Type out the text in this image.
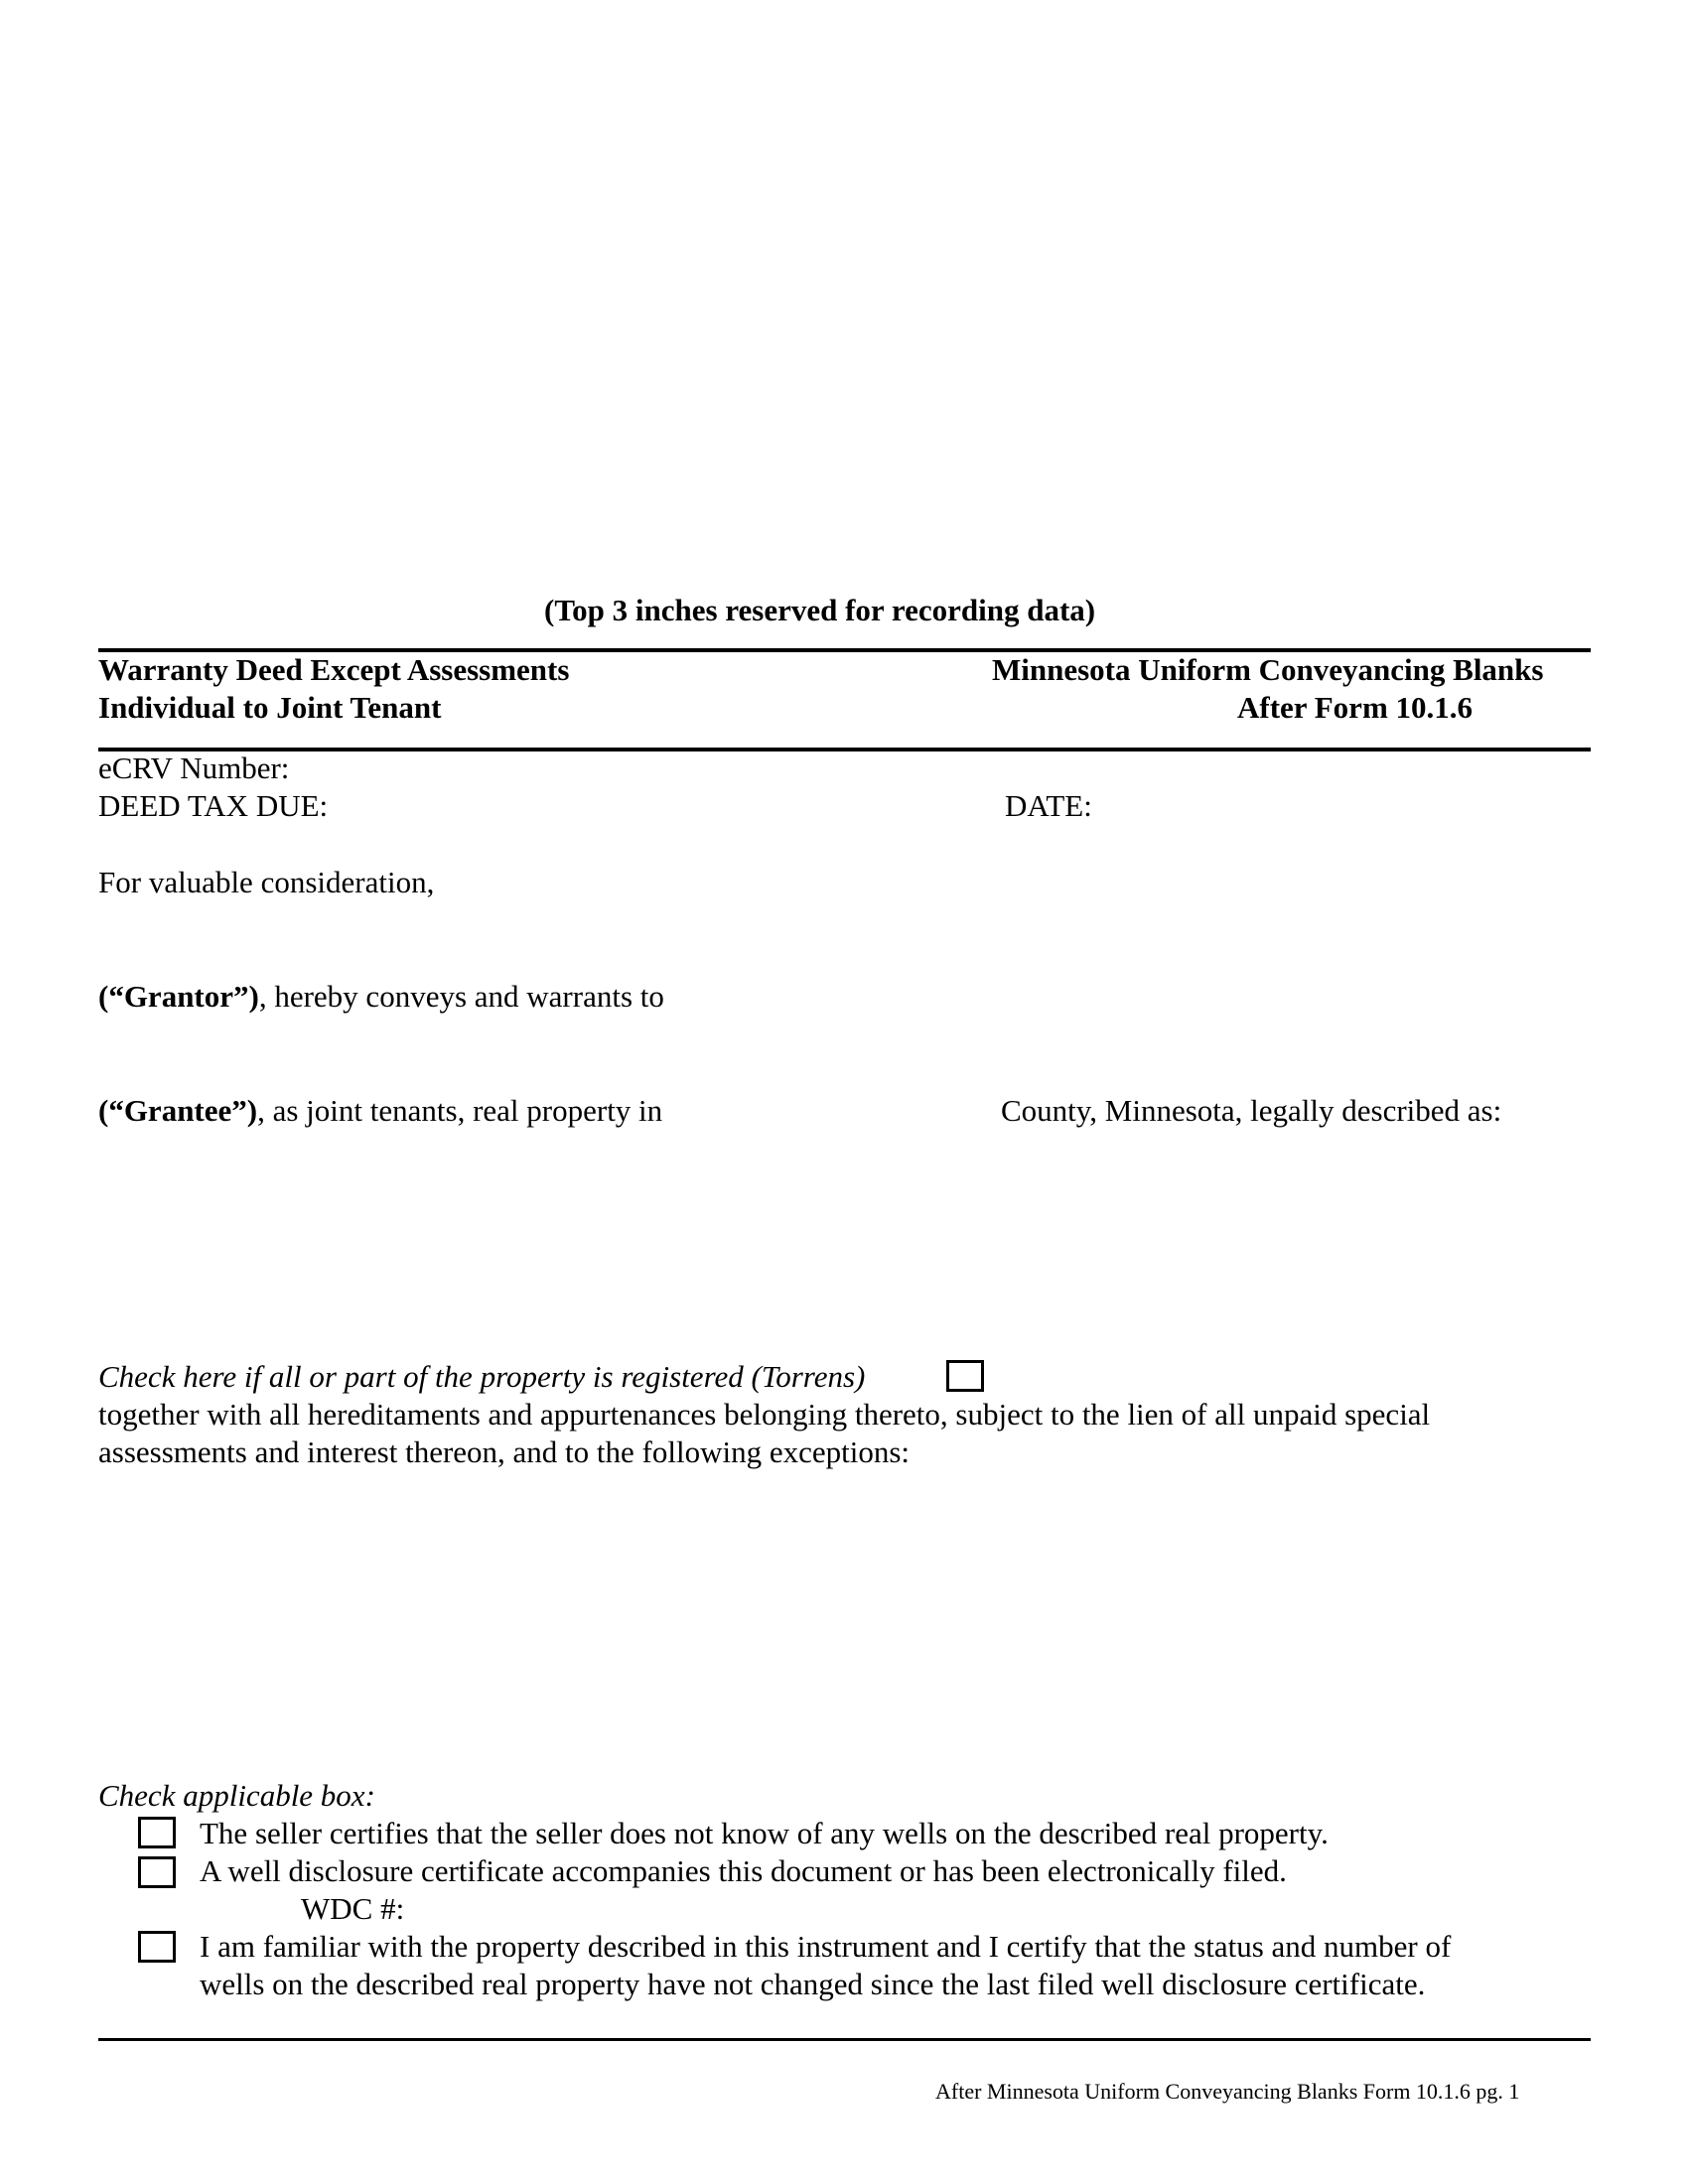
(Top 3 inches reserved for recording data)
Warranty Deed Except Assessments
Individual to Joint Tenant
Minnesota Uniform Conveyancing Blanks
After Form 10.1.6
eCRV Number:
DEED TAX DUE:	DATE:
For valuable consideration,
(“Grantor”), hereby conveys and warrants to
(“Grantee”), as joint tenants, real property in	County, Minnesota, legally described as:
Check here if all or part of the property is registered (Torrens)
together with all hereditaments and appurtenances belonging thereto, subject to the lien of all unpaid special
assessments and interest thereon, and to the following exceptions:
Check applicable box:
The seller certifies that the seller does not know of any wells on the described real property.
A well disclosure certificate accompanies this document or has been electronically filed.
WDC #:
I am familiar with the property described in this instrument and I certify that the status and number of
wells on the described real property have not changed since the last filed well disclosure certificate.
After Minnesota Uniform Conveyancing Blanks Form 10.1.6 pg. 1
